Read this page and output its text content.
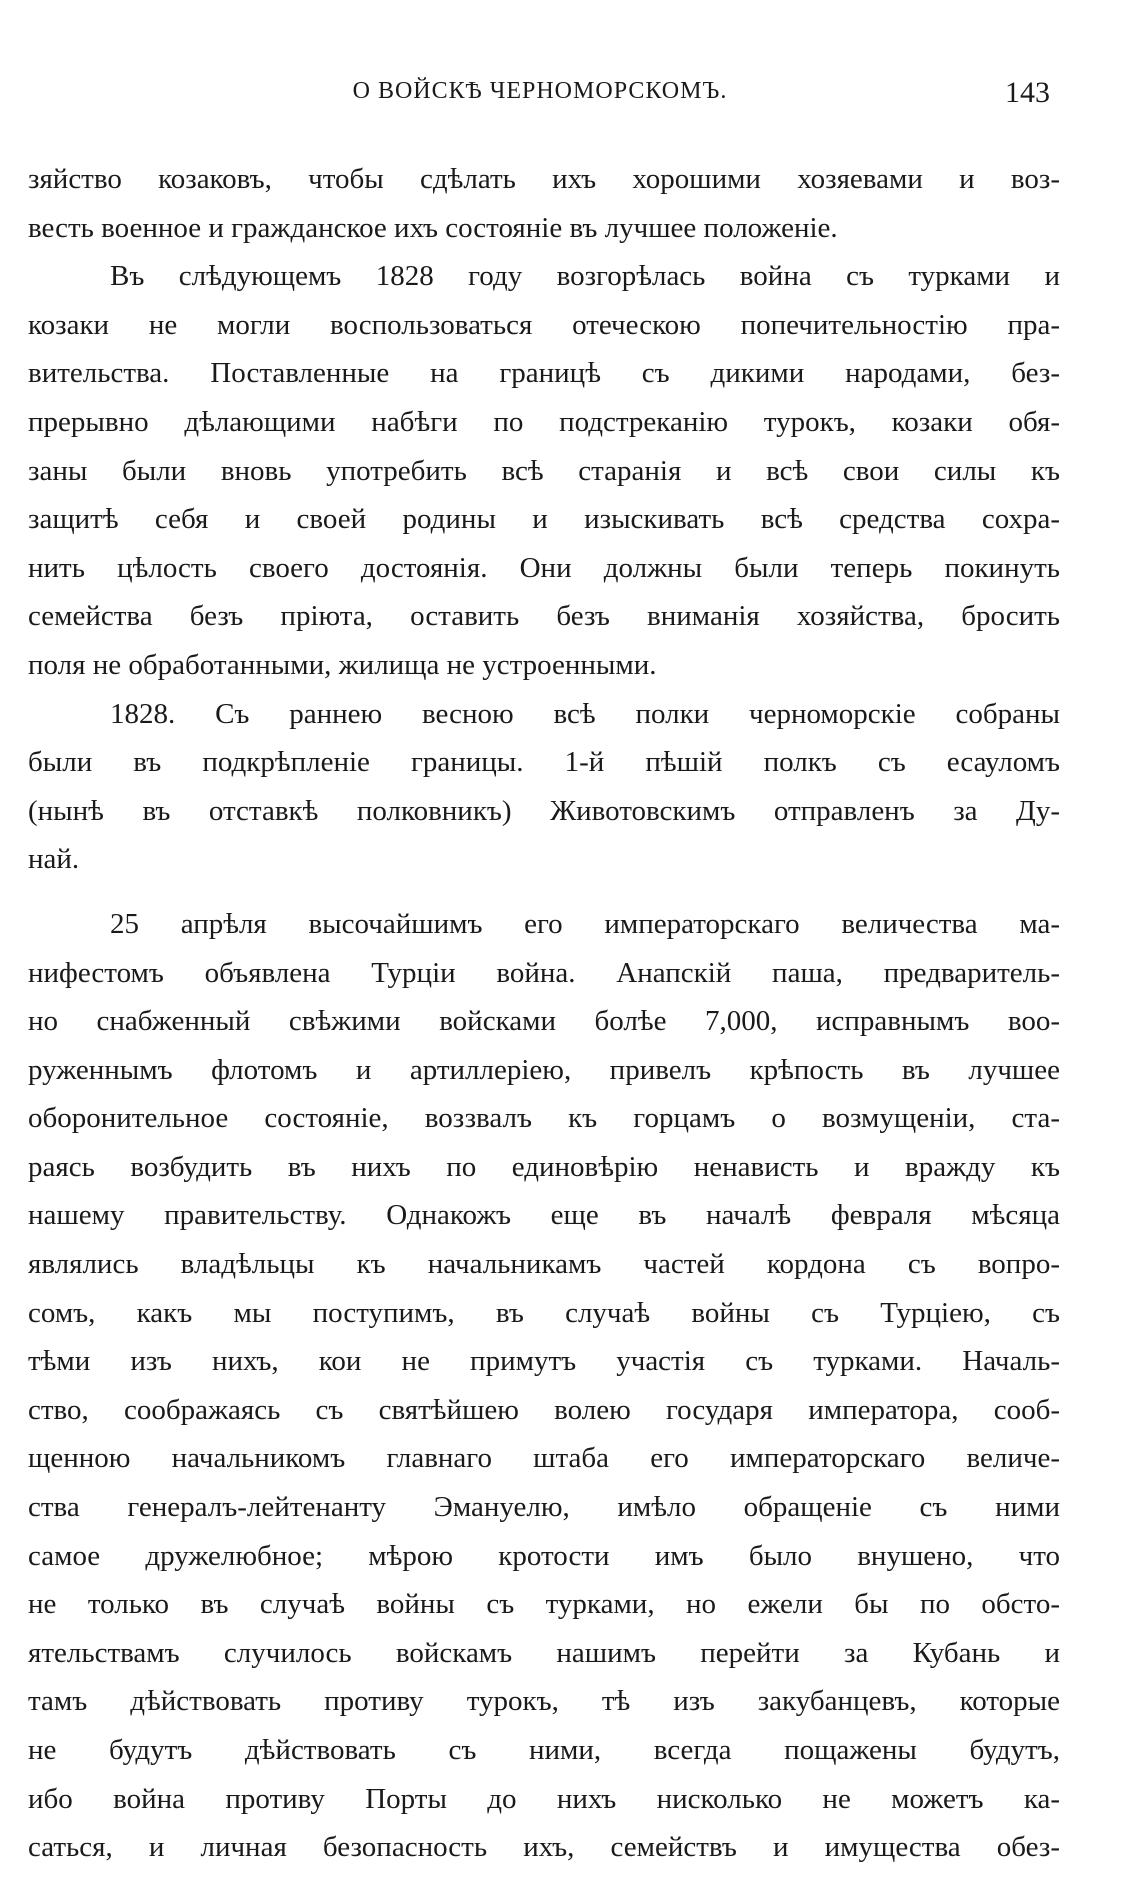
О ВОЙСКѢ ЧЕРНОМОРСКОМЪ.	143
зяйство козаковъ, чтобы сдѣлать ихъ хорошими хозяевами и воз-
весть военное и гражданское ихъ состояніе въ лучшее положеніе.
Въ слѣдующемъ 1828 году возгорѣлась война съ турками и
козаки не могли воспользоваться отеческою попечительностію пра-
вительства. Поставленные на границѣ съ дикими народами, без-
прерывно дѣлающими набѣги по подстреканію турокъ, козаки обя-
заны были вновь употребить всѣ старанія и всѣ свои силы къ
защитѣ себя и своей родины и изыскивать всѣ средства сохра-
нить цѣлость своего достоянія. Они должны были теперь покинуть
семейства безъ пріюта, оставить безъ вниманія хозяйства, бросить
поля не обработанными, жилища не устроенными.
1828. Съ раннею весною всѣ полки черноморскіе собраны
были въ подкрѣпленіе границы. 1-й пѣшій полкъ съ есауломъ
(нынѣ въ отставкѣ полковникъ) Животовскимъ отправленъ за Ду-
най.
25 апрѣля высочайшимъ его императорскаго величества ма-
нифестомъ объявлена Турціи война. Анапскій паша, предваритель-
но снабженный свѣжими войсками болѣе 7,000, исправнымъ воо-
руженнымъ флотомъ и артиллеріею, привелъ крѣпость въ лучшее
оборонительное состояніе, воззвалъ къ горцамъ о возмущеніи, ста-
раясь возбудить въ нихъ по единовѣрію ненависть и вражду къ
нашему правительству. Однакожъ еще въ началѣ февраля мѣсяца
являлись владѣльцы къ начальникамъ частей кордона съ вопро-
сомъ, какъ мы поступимъ, въ случаѣ войны съ Турціею, съ
тѣми изъ нихъ, кои не примутъ участія съ турками. Началь-
ство, соображаясь съ святѣйшею волею государя императора, сооб-
щенною начальникомъ главнаго штаба его императорскаго величе-
ства генералъ-лейтенанту Эмануелю, имѣло обращеніе съ ними
самое дружелюбное; мѣрою кротости имъ было внушено, что
не только въ случаѣ войны съ турками, но ежели бы по обсто-
ятельствамъ случилось войскамъ нашимъ перейти за Кубань и
тамъ дѣйствовать противу турокъ, тѣ изъ закубанцевъ, которые
не будутъ дѣйствовать съ ними, всегда пощажены будутъ,
ибо война противу Порты до нихъ нисколько не можетъ ка-
саться, и личная безопасность ихъ, семействъ и имущества обез-
